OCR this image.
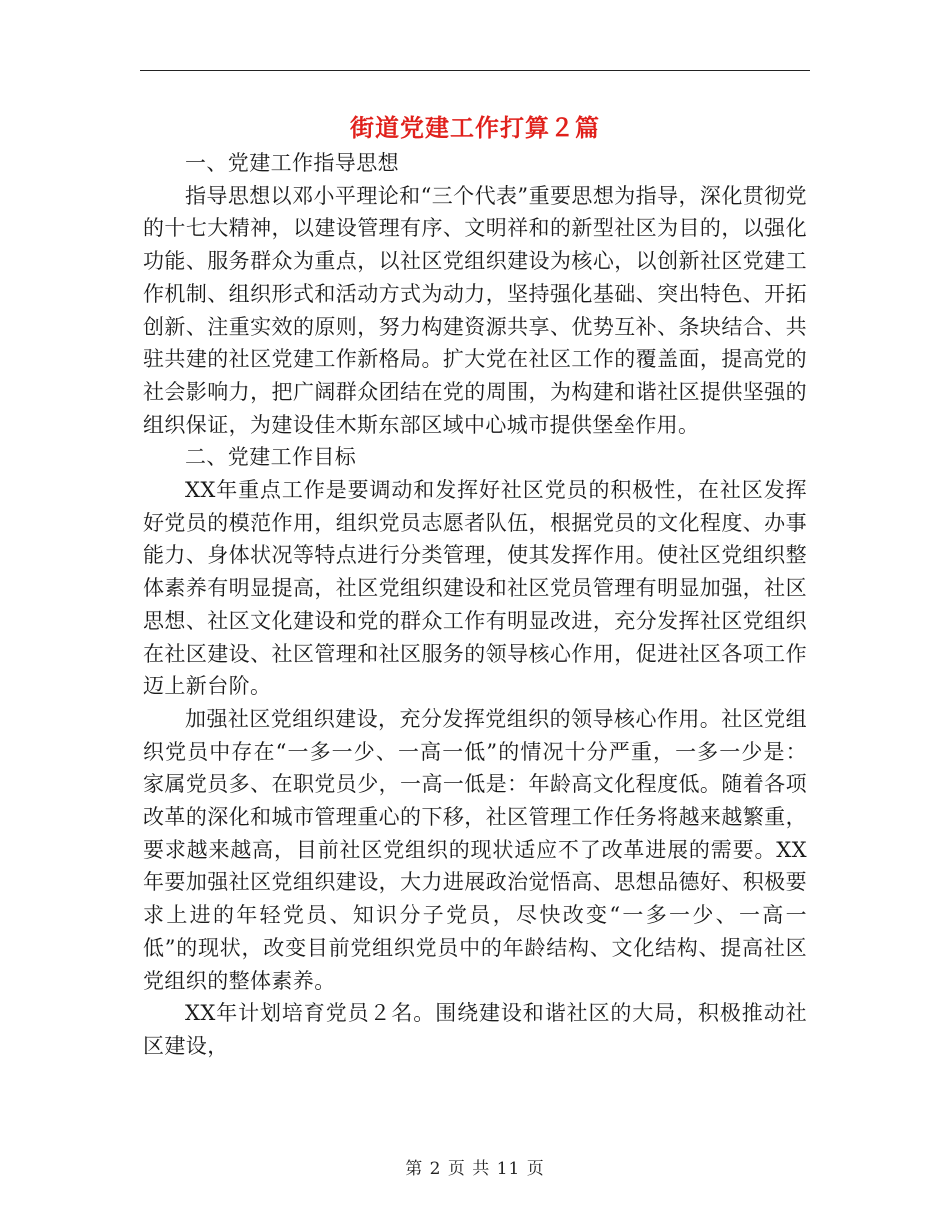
街道党建工作打算２篇

一、党建工作指导思想

指导思想以邓小平理论和“三个代表”重要思想为指导，深化贯彻党的十七大精神，以建设管理有序、文明祥和的新型社区为目的，以强化功能、服务群众为重点，以社区党组织建设为核心，以创新社区党建工作机制、组织形式和活动方式为动力，坚持强化基础、突出特色、开拓创新、注重实效的原则，努力构建资源共享、优势互补、条块结合、共驻共建的社区党建工作新格局。扩大党在社区工作的覆盖面，提高党的社会影响力，把广阔群众团结在党的周围，为构建和谐社区提供坚强的组织保证，为建设佳木斯东部区域中心城市提供堡垒作用。

二、党建工作目标

XX年重点工作是要调动和发挥好社区党员的积极性，在社区发挥好党员的模范作用，组织党员志愿者队伍，根据党员的文化程度、办事能力、身体状况等特点进行分类管理，使其发挥作用。使社区党组织整体素养有明显提高，社区党组织建设和社区党员管理有明显加强，社区思想、社区文化建设和党的群众工作有明显改进，充分发挥社区党组织在社区建设、社区管理和社区服务的领导核心作用，促进社区各项工作迈上新台阶。

加强社区党组织建设，充分发挥党组织的领导核心作用。社区党组织党员中存在“一多一少、一高一低”的情况十分严重，一多一少是：家属党员多、在职党员少，一高一低是：年龄高文化程度低。随着各项改革的深化和城市管理重心的下移，社区管理工作任务将越来越繁重，要求越来越高，目前社区党组织的现状适应不了改革进展的需要。XX年要加强社区党组织建设，大力进展政治觉悟高、思想品德好、积极要求上进的年轻党员、知识分子党员，尽快改变“一多一少、一高一低”的现状，改变目前党组织党员中的年龄结构、文化结构、提高社区党组织的整体素养。

XX年计划培育党员２名。围绕建设和谐社区的大局，积极推动社区建设，

第 2 页 共 11 页
